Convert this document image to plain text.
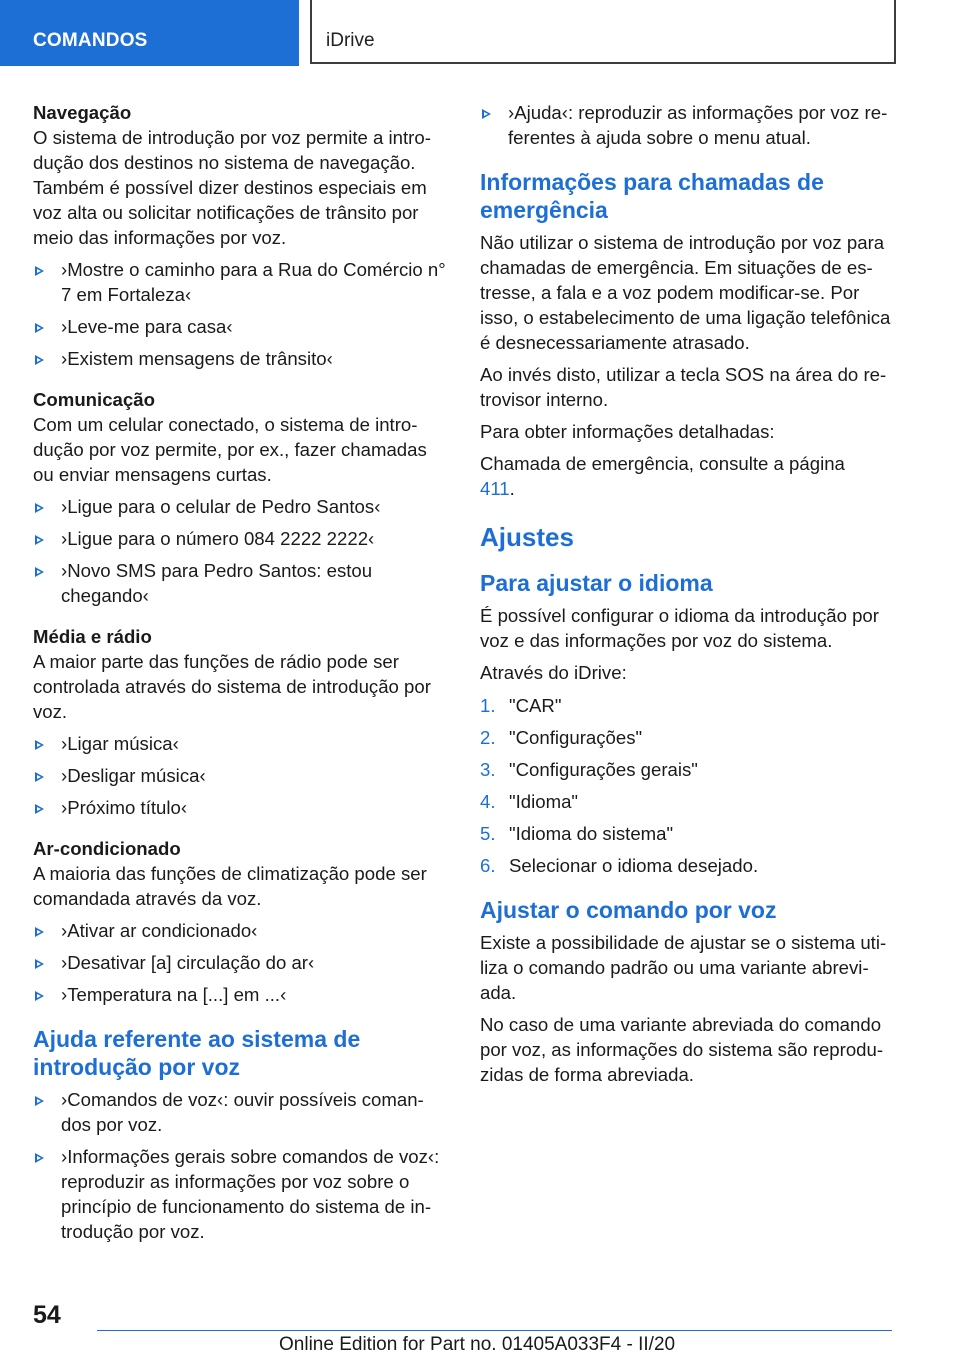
COMANDOS	iDrive

Navegação

O sistema de introdução por voz permite a introdução dos destinos no sistema de navegação. Também é possível dizer destinos especiais em voz alta ou solicitar notificações de trânsito por meio das informações por voz.

›Mostre o caminho para a Rua do Comércio n° 7 em Fortaleza‹
›Leve-me para casa‹
›Existem mensagens de trânsito‹

Comunicação

Com um celular conectado, o sistema de introdução por voz permite, por ex., fazer chamadas ou enviar mensagens curtas.

›Ligue para o celular de Pedro Santos‹
›Ligue para o número 084 2222 2222‹
›Novo SMS para Pedro Santos: estou chegando‹

Média e rádio

A maior parte das funções de rádio pode ser controlada através do sistema de introdução por voz.

›Ligar música‹
›Desligar música‹
›Próximo título‹

Ar-condicionado

A maioria das funções de climatização pode ser comandada através da voz.

›Ativar ar condicionado‹
›Desativar [a] circulação do ar‹
›Temperatura na [...] em ...‹
Ajuda referente ao sistema de introdução por voz
›Comandos de voz‹: ouvir possíveis comandos por voz.
›Informações gerais sobre comandos de voz‹: reproduzir as informações por voz sobre o princípio de funcionamento do sistema de introdução por voz.
›Ajuda‹: reproduzir as informações por voz referentes à ajuda sobre o menu atual.
Informações para chamadas de emergência

Não utilizar o sistema de introdução por voz para chamadas de emergência. Em situações de estresse, a fala e a voz podem modificar-se. Por isso, o estabelecimento de uma ligação telefônica é desnecessariamente atrasado.

Ao invés disto, utilizar a tecla SOS na área do retrovisor interno.

Para obter informações detalhadas:

Chamada de emergência, consulte a página
411.

Ajustes
Para ajustar o idioma

É possível configurar o idioma da introdução por voz e das informações por voz do sistema.

Através do iDrive:

1. "CAR"
2. "Configurações"
3. "Configurações gerais"
4. "Idioma"
5. "Idioma do sistema"
6. Selecionar o idioma desejado.
Ajustar o comando por voz

Existe a possibilidade de ajustar se o sistema utiliza o comando padrão ou uma variante abreviada.

No caso de uma variante abreviada do comando por voz, as informações do sistema são reproduzidas de forma abreviada.

54
Online Edition for Part no. 01405A033F4 - II/20
